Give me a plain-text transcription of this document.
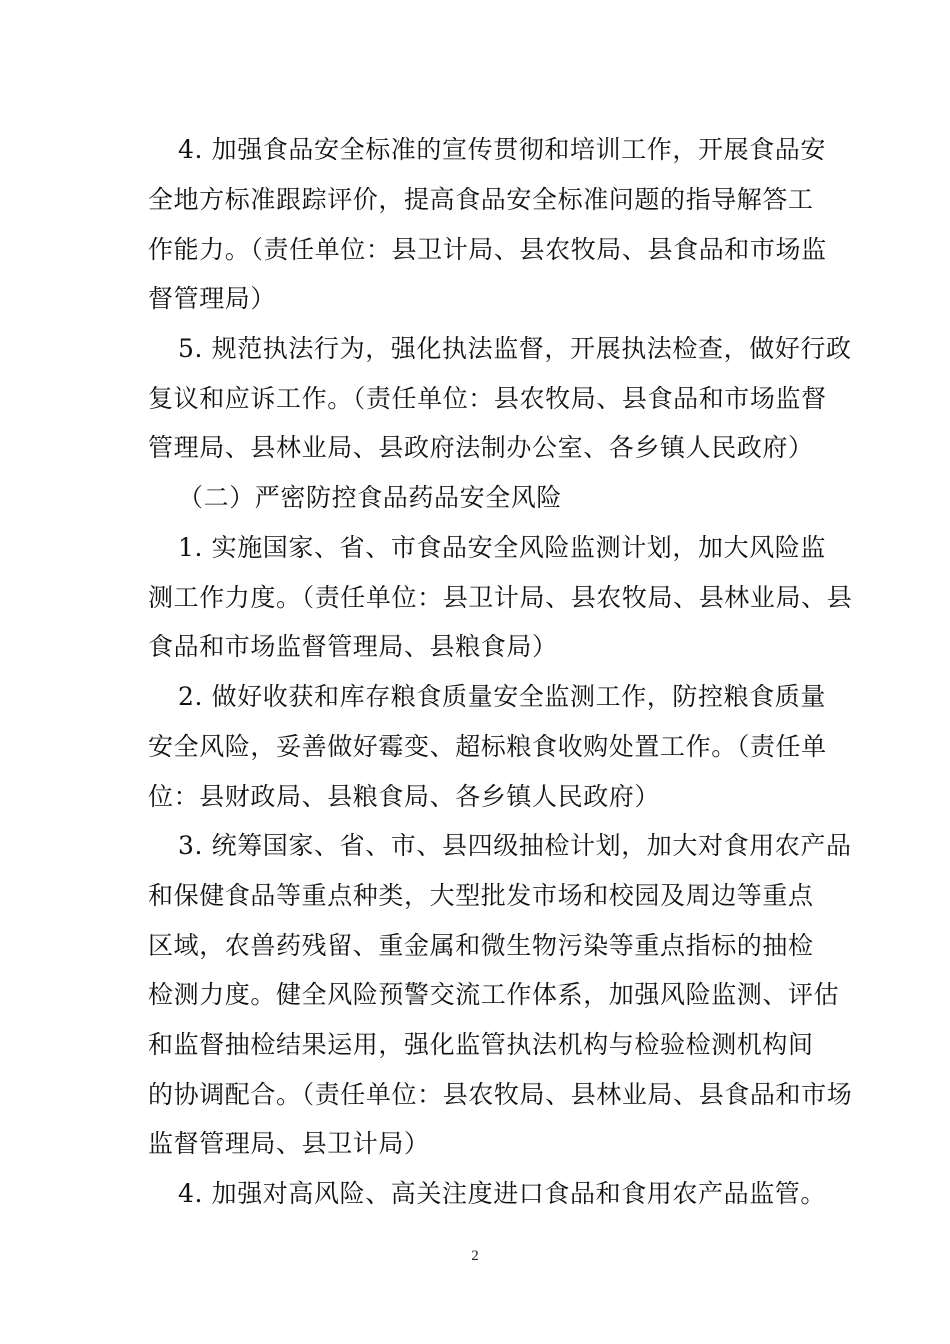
4. 加强食品安全标准的宣传贯彻和培训工作，开展食品安
全地方标准跟踪评价，提高食品安全标准问题的指导解答工
作能力。（责任单位：县卫计局、县农牧局、县食品和市场监
督管理局）
5. 规范执法行为，强化执法监督，开展执法检查，做好行政
复议和应诉工作。（责任单位：县农牧局、县食品和市场监督
管理局、县林业局、县政府法制办公室、各乡镇人民政府）
（二）严密防控食品药品安全风险
1. 实施国家、省、市食品安全风险监测计划，加大风险监
测工作力度。（责任单位：县卫计局、县农牧局、县林业局、县
食品和市场监督管理局、县粮食局）
2. 做好收获和库存粮食质量安全监测工作，防控粮食质量
安全风险，妥善做好霉变、超标粮食收购处置工作。（责任单
位：县财政局、县粮食局、各乡镇人民政府）
3. 统筹国家、省、市、县四级抽检计划，加大对食用农产品
和保健食品等重点种类，大型批发市场和校园及周边等重点
区域，农兽药残留、重金属和微生物污染等重点指标的抽检
检测力度。健全风险预警交流工作体系，加强风险监测、评估
和监督抽检结果运用，强化监管执法机构与检验检测机构间
的协调配合。（责任单位：县农牧局、县林业局、县食品和市场
监督管理局、县卫计局）
4. 加强对高风险、高关注度进口食品和食用农产品监管。
2
